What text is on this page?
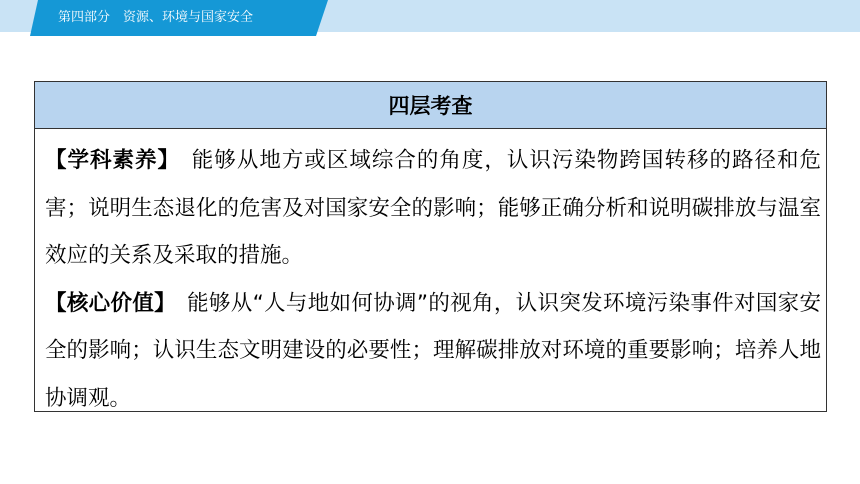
第四部分　资源、环境与国家安全
四层考查

【学科素养】　能够从地方或区域综合的角度，认识污染物跨国转移的路径和危害；说明生态退化的危害及对国家安全的影响；能够正确分析和说明碳排放与温室效应的关系及采取的措施。

【核心价值】　能够从“人与地如何协调”的视角，认识突发环境污染事件对国家安全的影响；认识生态文明建设的必要性；理解碳排放对环境的重要影响；培养人地协调观。
